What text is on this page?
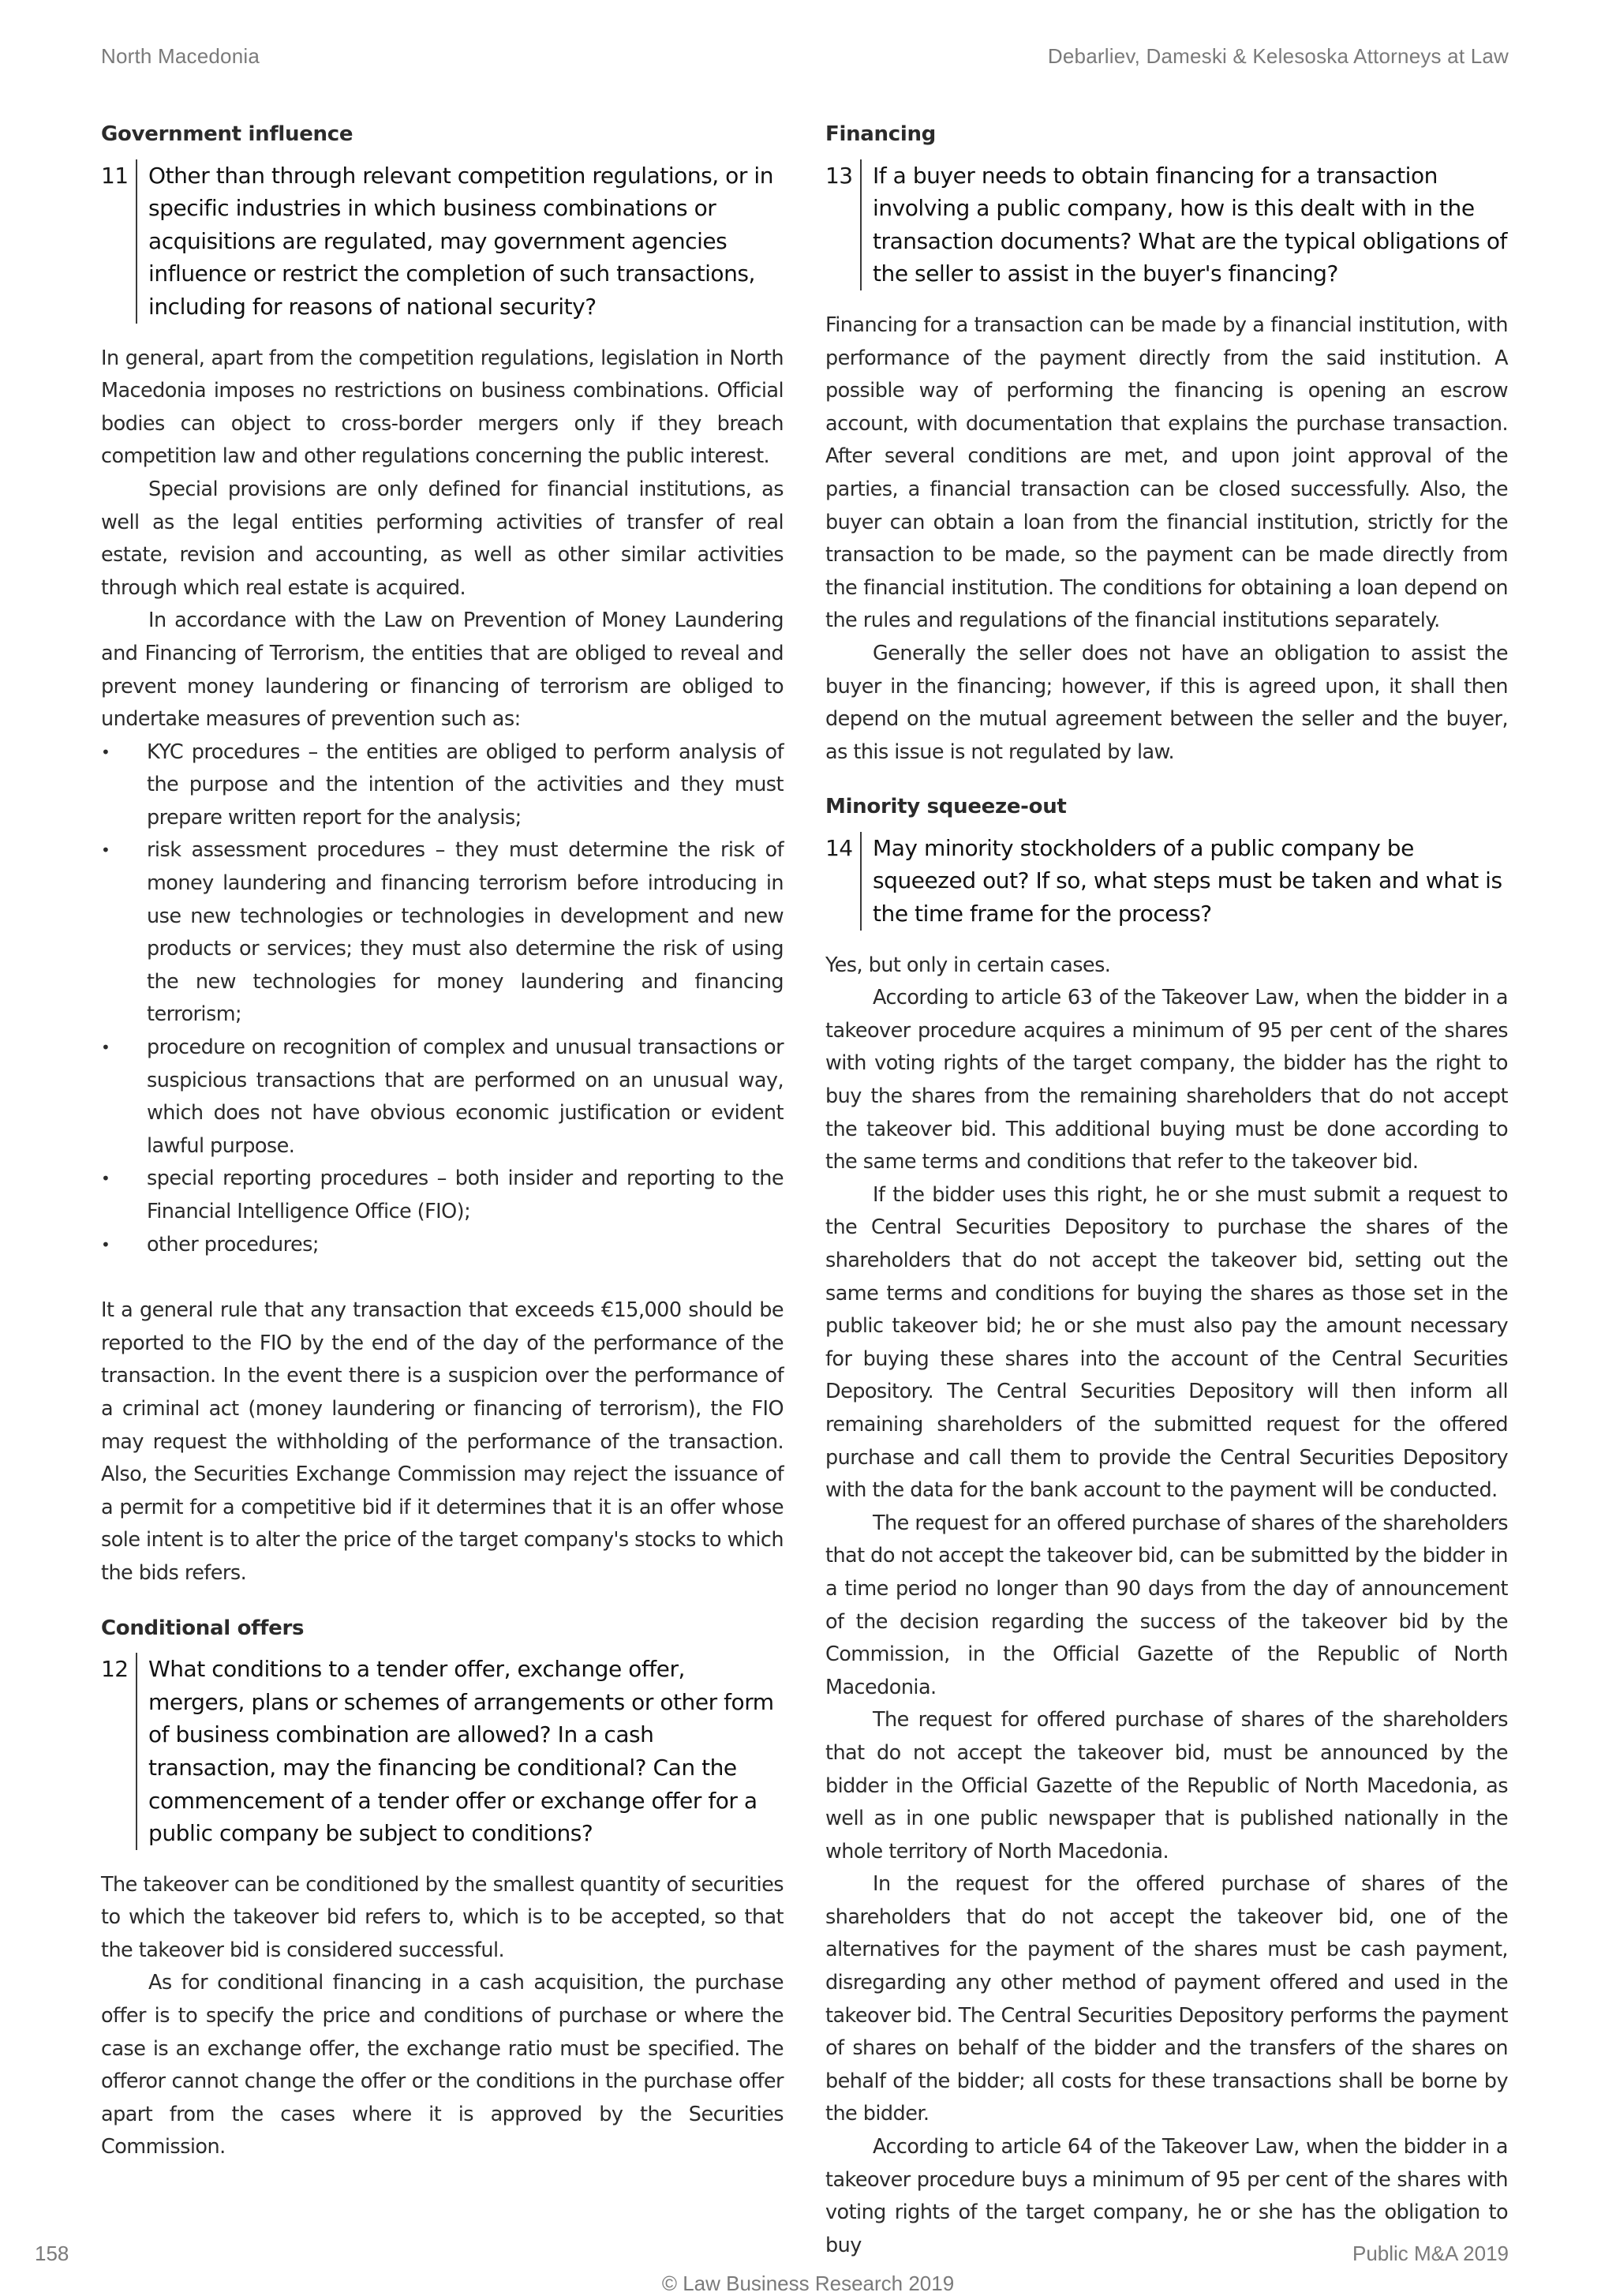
North Macedonia	Debarliev, Dameski & Kelesoska Attorneys at Law
Government influence
11 Other than through relevant competition regulations, or in specific industries in which business combinations or acquisitions are regulated, may government agencies influence or restrict the completion of such transactions, including for reasons of national security?

In general, apart from the competition regulations, legislation in North Macedonia imposes no restrictions on business combinations. Official bodies can object to cross-border mergers only if they breach competition law and other regulations concerning the public interest.

Special provisions are only defined for financial institutions, as well as the legal entities performing activities of transfer of real estate, revision and accounting, as well as other similar activities through which real estate is acquired.

In accordance with the Law on Prevention of Money Laundering and Financing of Terrorism, the entities that are obliged to reveal and prevent money laundering or financing of terrorism are obliged to undertake measures of prevention such as:

• KYC procedures – the entities are obliged to perform analysis of the purpose and the intention of the activities and they must prepare written report for the analysis;
• risk assessment procedures – they must determine the risk of money laundering and financing terrorism before introducing in use new technologies or technologies in development and new products or services; they must also determine the risk of using the new technologies for money laundering and financing terrorism;
• procedure on recognition of complex and unusual transactions or suspicious transactions that are performed on an unusual way, which does not have obvious economic justification or evident lawful purpose.
• special reporting procedures – both insider and reporting to the Financial Intelligence Office (FIO);
• other procedures;

It a general rule that any transaction that exceeds €15,000 should be reported to the FIO by the end of the day of the performance of the transaction. In the event there is a suspicion over the performance of a criminal act (money laundering or financing of terrorism), the FIO may request the withholding of the performance of the transaction. Also, the Securities Exchange Commission may reject the issuance of a permit for a competitive bid if it determines that it is an offer whose sole intent is to alter the price of the target company's stocks to which the bids refers.

Conditional offers
12 What conditions to a tender offer, exchange offer, mergers, plans or schemes of arrangements or other form of business combination are allowed? In a cash transaction, may the financing be conditional? Can the commencement of a tender offer or exchange offer for a public company be subject to conditions?

The takeover can be conditioned by the smallest quantity of securities to which the takeover bid refers to, which is to be accepted, so that the takeover bid is considered successful.

As for conditional financing in a cash acquisition, the purchase offer is to specify the price and conditions of purchase or where the case is an exchange offer, the exchange ratio must be specified. The offeror cannot change the offer or the conditions in the purchase offer apart from the cases where it is approved by the Securities Commission.

Financing
13 If a buyer needs to obtain financing for a transaction involving a public company, how is this dealt with in the transaction documents? What are the typical obligations of the seller to assist in the buyer's financing?

Financing for a transaction can be made by a financial institution, with performance of the payment directly from the said institution. A possible way of performing the financing is opening an escrow account, with documentation that explains the purchase transaction. After several conditions are met, and upon joint approval of the parties, a financial transaction can be closed successfully. Also, the buyer can obtain a loan from the financial institution, strictly for the transaction to be made, so the payment can be made directly from the financial institution. The conditions for obtaining a loan depend on the rules and regulations of the financial institutions separately.

Generally the seller does not have an obligation to assist the buyer in the financing; however, if this is agreed upon, it shall then depend on the mutual agreement between the seller and the buyer, as this issue is not regulated by law.

Minority squeeze-out
14 May minority stockholders of a public company be squeezed out? If so, what steps must be taken and what is the time frame for the process?

Yes, but only in certain cases.

According to article 63 of the Takeover Law, when the bidder in a takeover procedure acquires a minimum of 95 per cent of the shares with voting rights of the target company, the bidder has the right to buy the shares from the remaining shareholders that do not accept the takeover bid. This additional buying must be done according to the same terms and conditions that refer to the takeover bid.

If the bidder uses this right, he or she must submit a request to the Central Securities Depository to purchase the shares of the shareholders that do not accept the takeover bid, setting out the same terms and conditions for buying the shares as those set in the public takeover bid; he or she must also pay the amount necessary for buying these shares into the account of the Central Securities Depository. The Central Securities Depository will then inform all remaining shareholders of the submitted request for the offered purchase and call them to provide the Central Securities Depository with the data for the bank account to the payment will be conducted.

The request for an offered purchase of shares of the shareholders that do not accept the takeover bid, can be submitted by the bidder in a time period no longer than 90 days from the day of announcement of the decision regarding the success of the takeover bid by the Commission, in the Official Gazette of the Republic of North Macedonia.

The request for offered purchase of shares of the shareholders that do not accept the takeover bid, must be announced by the bidder in the Official Gazette of the Republic of North Macedonia, as well as in one public newspaper that is published nationally in the whole territory of North Macedonia.

In the request for the offered purchase of shares of the shareholders that do not accept the takeover bid, one of the alternatives for the payment of the shares must be cash payment, disregarding any other method of payment offered and used in the takeover bid. The Central Securities Depository performs the payment of shares on behalf of the bidder and the transfers of the shares on behalf of the bidder; all costs for these transactions shall be borne by the bidder.

According to article 64 of the Takeover Law, when the bidder in a takeover procedure buys a minimum of 95 per cent of the shares with voting rights of the target company, he or she has the obligation to buy

158	Public M&A 2019
© Law Business Research 2019
